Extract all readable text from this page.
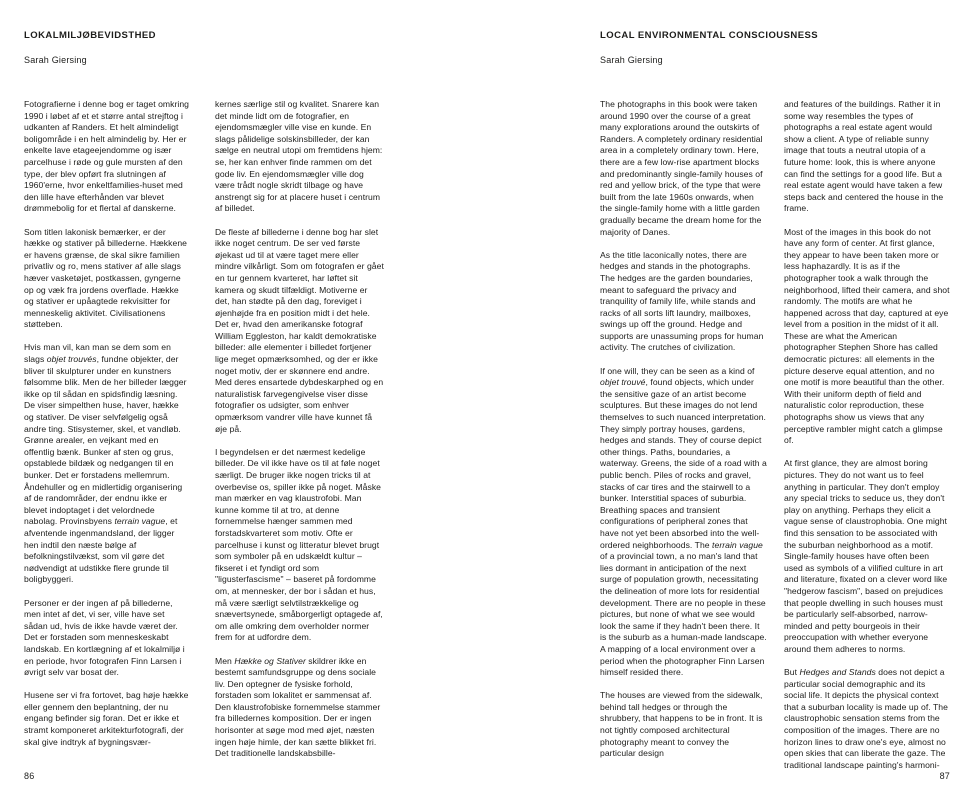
LOKALMILJØBEVIDSTHED
Sarah Giersing

Fotografierne i denne bog er taget omkring 1990 i løbet af et et større antal strejftog i udkanten af Randers. Et helt almindeligt boligområde i en helt almindelig by. Her er enkelte lave etageejendomme og især parcelhuse i røde og gule mursten af den type, der blev opført fra slutningen af 1960'erne, hvor enkeltfamilies-huset med den lille have efterhånden var blevet drømmebolig for et flertal af danskerne.

Som titlen lakonisk bemærker, er der hække og stativer på billederne. Hækkene er havens grænse, de skal sikre familien privatliv og ro, mens stativer af alle slags hæver vasketøjet, postkassen, gyngerne op og væk fra jordens overflade. Hække og stativer er upåagtede rekvisitter for menneskelig aktivitet. Civilisationens støtteben.

Hvis man vil, kan man se dem som en slags objet trouvés, fundne objekter, der bliver til skulpturer under en kunstners følsomme blik. Men de her billeder lægger ikke op til sådan en spidsfindig læsning. De viser simpelthen huse, haver, hække og stativer. De viser selvfølgelig også andre ting. Stisystemer, skel, et vandløb. Grønne arealer, en vejkant med en offentlig bænk. Bunker af sten og grus, opstablede bildæk og nedgangen til en bunker. Det er forstadens mellemrum. Åndehuller og en midlertidig organisering af de randområder, der endnu ikke er blevet indoptaget i det velordnede nabolag. Provinsbyens terrain vague, et afventende ingenmandsland, der ligger hen indtil den næste bølge af befolkningstilvækst, som vil gøre det nødvendigt at udstikke flere grunde til boligbyggeri.

Personer er der ingen af på billederne, men intet af det, vi ser, ville have set sådan ud, hvis de ikke havde været der. Det er forstaden som menneskeskabt landskab. En kortlægning af et lokalmiljø i en periode, hvor fotografen Finn Larsen i øvrigt selv var bosat der.

Husene ser vi fra fortovet, bag høje hække eller gennem den beplantning, der nu engang befinder sig foran. Det er ikke et stramt komponeret arkitekturfotografi, der skal give indtryk af bygningsvær-

kernes særlige stil og kvalitet. Snarere kan det minde lidt om de fotografier, en ejendomsmægler ville vise en kunde. En slags pålidelige solskinsbilleder, der kan sælge en neutral utopi om fremtidens hjem: se, her kan enhver finde rammen om det gode liv. En ejendomsmægler ville dog være trådt nogle skridt tilbage og have anstrengt sig for at placere huset i centrum af billedet.

De fleste af billederne i denne bog har slet ikke noget centrum. De ser ved første øjekast ud til at være taget mere eller mindre vilkårligt. Som om fotografen er gået en tur gennem kvarteret, har løftet sit kamera og skudt tilfældigt. Motiverne er det, han stødte på den dag, foreviget i øjenhøjde fra en position midt i det hele. Det er, hvad den amerikanske fotograf William Eggleston, har kaldt demokratiske billeder: alle elementer i billedet fortjener lige meget opmærksomhed, og der er ikke noget motiv, der er skønnere end andre. Med deres ensartede dybdeskarphed og en naturalistisk farvegengivelse viser disse fotografier os udsigter, som enhver opmærksom vandrer ville have kunnet få øje på.

I begyndelsen er det nærmest kedelige billeder. De vil ikke have os til at føle noget særligt. De bruger ikke nogen tricks til at overbevise os, spiller ikke på noget. Måske man mærker en vag klaustrofobi. Man kunne komme til at tro, at denne fornemmelse hænger sammen med forstadskvarteret som motiv. Ofte er parcelhuse i kunst og litteratur blevet brugt som symboler på en udskældt kultur – fikseret i et fyndigt ord som "ligusterfascisme" – baseret på fordomme om, at mennesker, der bor i sådan et hus, må være særligt selvtilstrækkelige og snævertsynede, småborgerligt optagede af, om alle omkring dem overholder normer frem for at udfordre dem.

Men Hække og Stativer skildrer ikke en bestemt samfundsgruppe og dens sociale liv. Den optegner de fysiske forhold, forstaden som lokalitet er sammensat af. Den klaustrofobiske fornemmelse stammer fra billedernes komposition. Der er ingen horisonter at søge mod med øjet, næsten ingen høje himle, der kan sætte blikket fri. Det traditionelle landskabsbille-

86
LOCAL ENVIRONMENTAL CONSCIOUSNESS
Sarah Giersing

The photographs in this book were taken around 1990 over the course of a great many explorations around the outskirts of Randers. A completely ordinary residential area in a completely ordinary town. Here, there are a few low-rise apartment blocks and predominantly single-family houses of red and yellow brick, of the type that were built from the late 1960s onwards, when the single-family home with a little garden gradually became the dream home for the majority of Danes.

As the title laconically notes, there are hedges and stands in the photographs. The hedges are the garden boundaries, meant to safeguard the privacy and tranquility of family life, while stands and racks of all sorts lift laundry, mailboxes, swings up off the ground. Hedge and supports are unassuming props for human activity. The crutches of civilization.

If one will, they can be seen as a kind of objet trouvé, found objects, which under the sensitive gaze of an artist become sculptures. But these images do not lend themselves to such nuanced interpretation. They simply portray houses, gardens, hedges and stands. They of course depict other things. Paths, boundaries, a waterway. Greens, the side of a road with a public bench. Piles of rocks and gravel, stacks of car tires and the stairwell to a bunker. Interstitial spaces of suburbia. Breathing spaces and transient configurations of peripheral zones that have not yet been absorbed into the well-ordered neighborhoods. The terrain vague of a provincial town, a no man's land that lies dormant in anticipation of the next surge of population growth, necessitating the delineation of more lots for residential development. There are no people in these pictures, but none of what we see would look the same if they hadn't been there. It is the suburb as a human-made landscape. A mapping of a local environment over a period when the photographer Finn Larsen himself resided there.

The houses are viewed from the sidewalk, behind tall hedges or through the shrubbery, that happens to be in front. It is not tightly composed architectural photography meant to convey the particular design

and features of the buildings. Rather it in some way resembles the types of photographs a real estate agent would show a client. A type of reliable sunny image that touts a neutral utopia of a future home: look, this is where anyone can find the settings for a good life. But a real estate agent would have taken a few steps back and centered the house in the frame.

Most of the images in this book do not have any form of center. At first glance, they appear to have been taken more or less haphazardly. It is as if the photographer took a walk through the neighborhood, lifted their camera, and shot randomly. The motifs are what he happened across that day, captured at eye level from a position in the midst of it all. These are what the American photographer Stephen Shore has called democratic pictures: all elements in the picture deserve equal attention, and no one motif is more beautiful than the other. With their uniform depth of field and naturalistic color reproduction, these photographs show us views that any perceptive rambler might catch a glimpse of.

At first glance, they are almost boring pictures. They do not want us to feel anything in particular. They don't employ any special tricks to seduce us, they don't play on anything. Perhaps they elicit a vague sense of claustrophobia. One might find this sensation to be associated with the suburban neighborhood as a motif. Single-family houses have often been used as symbols of a vilified culture in art and literature, fixated on a clever word like "hedgerow fascism", based on prejudices that people dwelling in such houses must be particularly self-absorbed, narrow-minded and petty bourgeois in their preoccupation with whether everyone around them adheres to norms.

But Hedges and Stands does not depict a particular social demographic and its social life. It depicts the physical context that a suburban locality is made up of. The claustrophobic sensation stems from the composition of the images. There are no horizon lines to draw one's eye, almost no open skies that can liberate the gaze. The traditional landscape painting's harmoni-

87
